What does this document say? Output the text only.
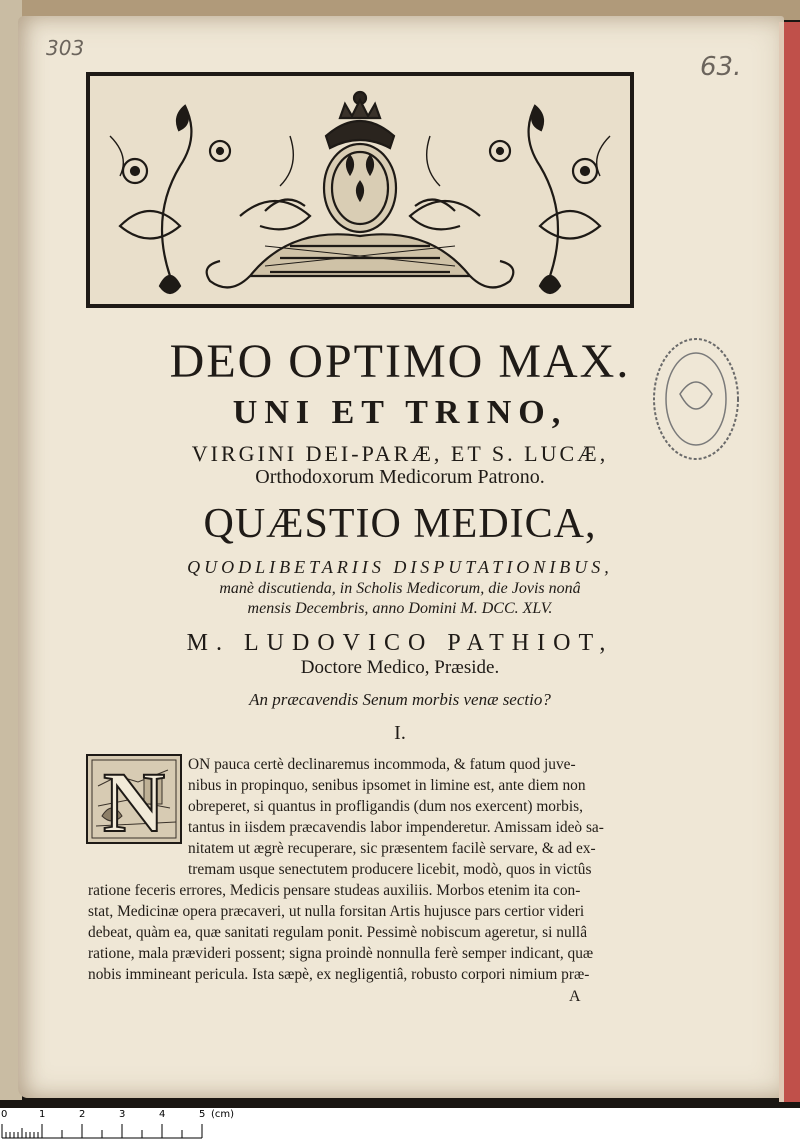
303
63.
DEO OPTIMO MAX.
UNI ET TRINO,
VIRGINI DEI-PARÆ, ET S. LUCÆ,
Orthodoxorum Medicorum Patrono.
QUÆSTIO MEDICA,
QUODLIBETARIIS DISPUTATIONIBUS,
manè discutienda, in Scholis Medicorum, die Jovis nonâ
mensis Decembris, anno Domini M. DCC. XLV.
M. LUDOVICO PATHIOT,
Doctore Medico, Præside.
An præcavendis Senum morbis venæ sectio?
I.
N	ON pauca certè declinaremus incommoda, & fatum quod juve-
nibus in propinquo, senibus ipsomet in limine est, ante diem non
obreperet, si quantus in profligandis (dum nos exercent) morbis,
tantus in iisdem præcavendis labor impenderetur. Amissam ideò sa-
nitatem ut ægrè recuperare, sic præsentem facilè servare, & ad ex-
tremam usque senectutem producere licebit, modò, quos in victûs
ratione feceris errores, Medicis pensare studeas auxiliis. Morbos etenim ita con-
stat, Medicinæ opera præcaveri, ut nulla forsitan Artis hujusce pars certior videri
debeat, quàm ea, quæ sanitati regulam ponit. Pessimè nobiscum ageretur, si nullâ
ratione, mala prævideri possent; signa proindè nonnulla ferè semper indicant, quæ
nobis immineant pericula. Ista sæpè, ex negligentiâ, robusto corpori nimium præ-
A
0	1	2	3	4	5 (cm)
